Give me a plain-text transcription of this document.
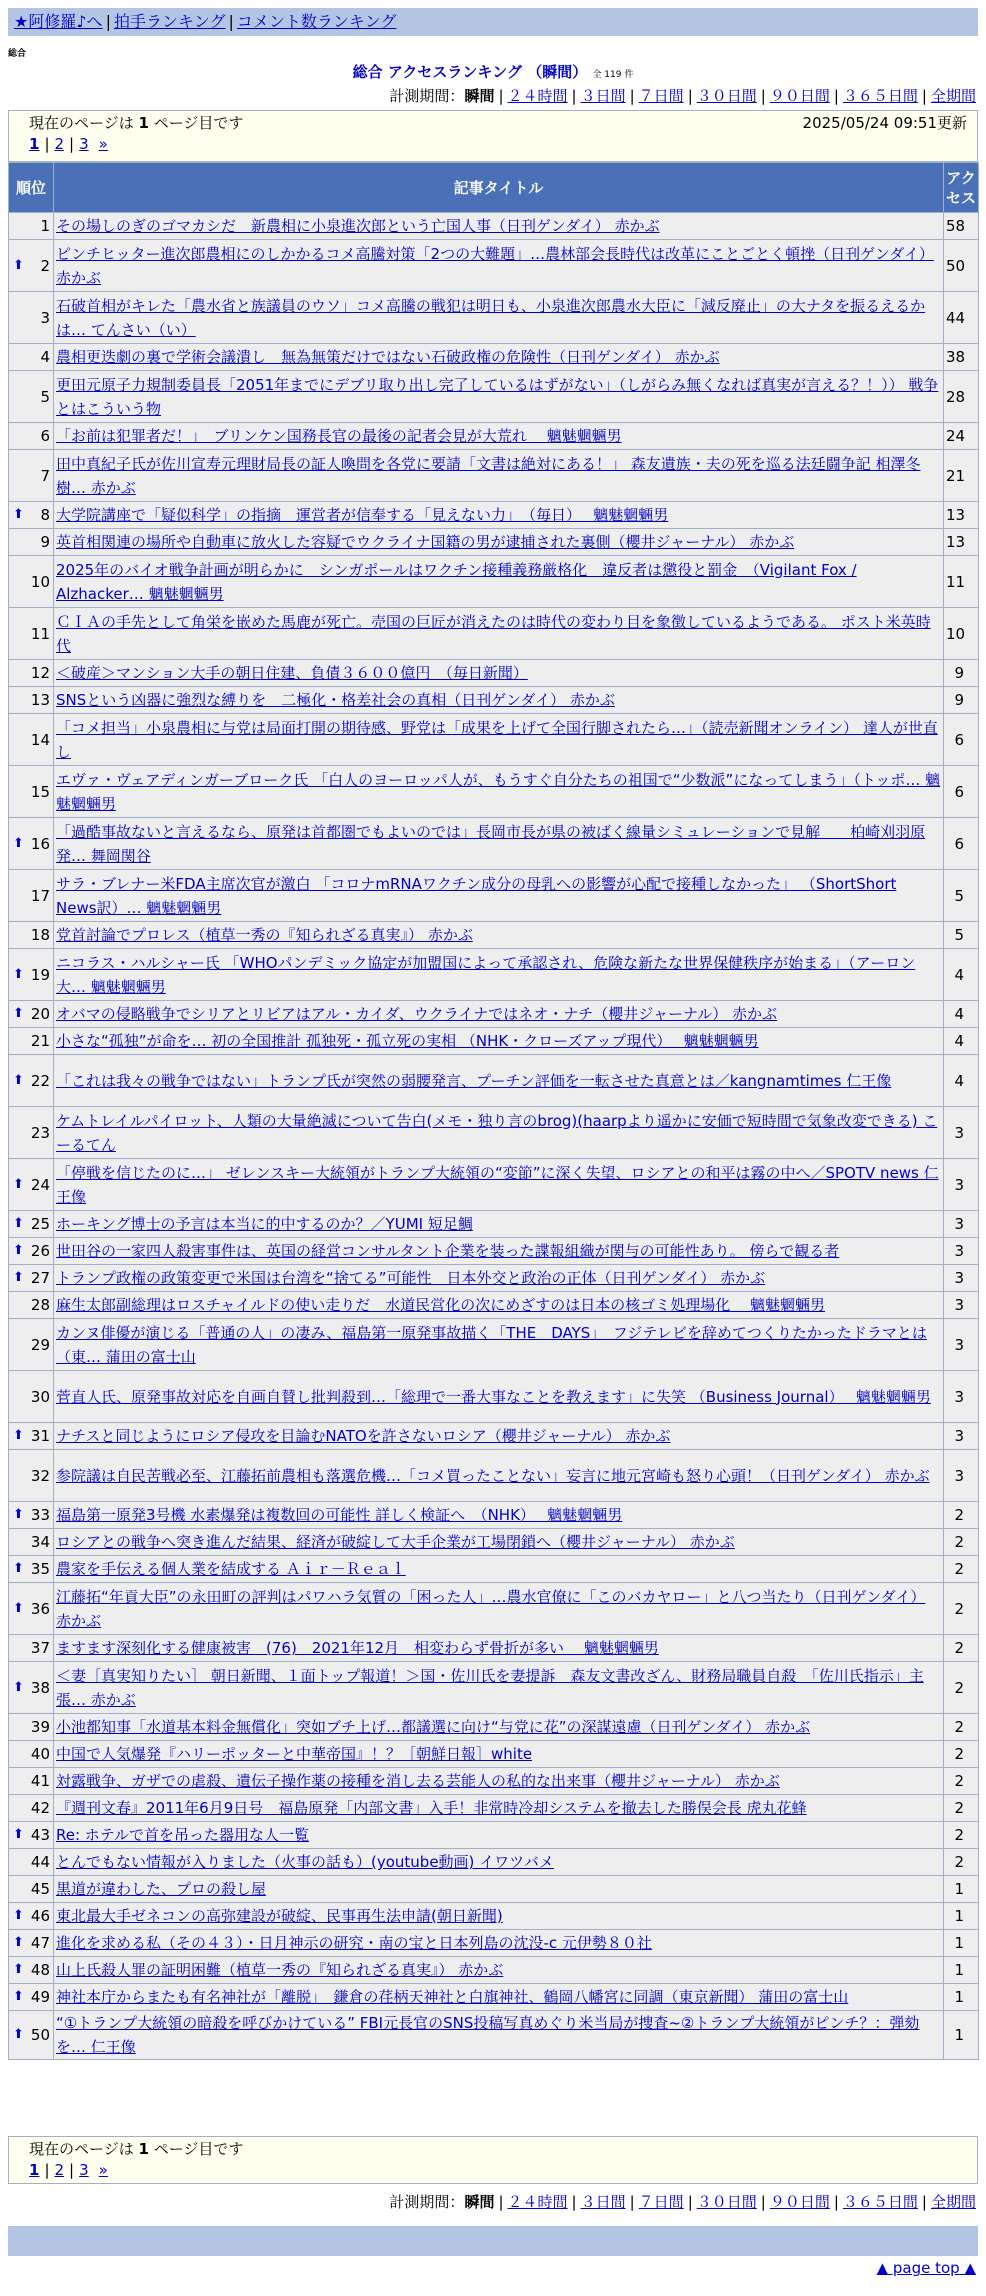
★阿修羅♪へ | 拍手ランキング | コメント数ランキング
総合
総合 アクセスランキング （瞬間） 全 119 件
計測期間：瞬間 | ２４時間 | ３日間 | ７日間 | ３０日間 | ９０日間 | ３６５日間 | 全期間
現在のページは 1 ページ目です	2025/05/24 09:51更新
1 | 2 | 3 »
順位	記事タイトル	アクセス
1	その場しのぎのゴマカシだ　新農相に小泉進次郎という亡国人事（日刊ゲンダイ） 赤かぶ	58

⬆ 2	ピンチヒッター進次郎農相にのしかかるコメ高騰対策「2つの大難題」…農林部会長時代は改革にことごとく頓挫（日刊ゲンダイ） 赤かぶ	50
3	石破首相がキレた「農水省と族議員のウソ」コメ高騰の戦犯は明日も、小泉進次郎農水大臣に「減反廃止」の大ナタを振るえるかは… てんさい（い）	44
4	農相更迭劇の裏で学術会議潰し　無為無策だけではない石破政権の危険性（日刊ゲンダイ） 赤かぶ	38
5	更田元原子力規制委員長「2051年までにデブリ取り出し完了しているはずがない」（しがらみ無くなれば真実が言える？！）） 戦争とはこういう物	28
6	「お前は犯罪者だ！」　ブリンケン国務長官の最後の記者会見が大荒れ　 魑魅魍魎男	24
7	田中真紀子氏が佐川宣寿元理財局長の証人喚問を各党に要請「文書は絶対にある！」 森友遺族・夫の死を巡る法廷闘争記 相澤冬樹… 赤かぶ	21

⬆ 8	大学院講座で「疑似科学」の指摘　運営者が信奉する「見えない力」　（毎日）　 魑魅魍魎男	13
9	英首相関連の場所や自動車に放火した容疑でウクライナ国籍の男が逮捕された裏側（櫻井ジャーナル） 赤かぶ	13
10	2025年のバイオ戦争計画が明らかに　シンガポールはワクチン接種義務厳格化　違反者は懲役と罰金　（Vigilant Fox / Alzhacker… 魑魅魍魎男	11
11	ＣＩＡの手先として角栄を嵌めた馬鹿が死亡。売国の巨匠が消えたのは時代の変わり目を象徴しているようである。 ポスト米英時代	10
12	＜破産＞マンション大手の朝日住建、負債３６００億円　（毎日新聞）	9
13	SNSという凶器に強烈な縛りを　二極化・格差社会の真相（日刊ゲンダイ） 赤かぶ	9
14	「コメ担当」小泉農相に与党は局面打開の期待感、野党は「成果を上げて全国行脚されたら…」（読売新聞オンライン） 達人が世直し	6
15	エヴァ・ヴェアディンガーブローク氏 「白人のヨーロッパ人が、もうすぐ自分たちの祖国で“少数派”になってしまう」（トッポ… 魑魅魍魎男	6

⬆ 16	「過酷事故ないと言えるなら、原発は首都圏でもよいのでは」長岡市長が県の被ばく線量シミュレーションで見解　　柏崎刈羽原発… 舞岡関谷	6
17	サラ・ブレナー米FDA主席次官が激白 「コロナmRNAワクチン成分の母乳への影響が心配で接種しなかった」 （ShortShort News訳）… 魑魅魍魎男	5
18	党首討論でプロレス（植草一秀の『知られざる真実』） 赤かぶ	5

⬆ 19	ニコラス・ハルシャー氏 「WHOパンデミック協定が加盟国によって承認され、危険な新たな世界保健秩序が始まる」（アーロン大… 魑魅魍魎男	4

⬆ 20	オバマの侵略戦争でシリアとリビアはアル・カイダ、ウクライナではネオ・ナチ（櫻井ジャーナル） 赤かぶ	4
21	小さな“孤独”が命を… 初の全国推計 孤独死・孤立死の実相 （NHK・クローズアップ現代）　 魑魅魍魎男	4

⬆ 22	「これは我々の戦争ではない」トランプ氏が突然の弱腰発言、プーチン評価を一転させた真意とは／kangnamtimes 仁王像	4
23	ケムトレイルパイロット、人類の大量絶滅について告白(メモ・独り言のbrog)(haarpより遥かに安価で短時間で気象改変できる) こーるてん	3

⬆ 24	「停戦を信じたのに…」 ゼレンスキー大統領がトランプ大統領の“変節”に深く失望、ロシアとの和平は霧の中へ／SPOTV news 仁王像	3

⬆ 25	ホーキング博士の予言は本当に的中するのか？／YUMI 短足鯛	3

⬆ 26	世田谷の一家四人殺害事件は、英国の経営コンサルタント企業を装った諜報組織が関与の可能性あり。 傍らで観る者	3

⬆ 27	トランプ政権の政策変更で米国は台湾を“捨てる”可能性　日本外交と政治の正体（日刊ゲンダイ） 赤かぶ	3
28	麻生太郎副総理はロスチャイルドの使い走りだ　水道民営化の次にめざすのは日本の核ゴミ処理場化　 魑魅魍魎男	3
29	カンヌ俳優が演じる「普通の人」の凄み、福島第一原発事故描く「THE　DAYS」　フジテレビを辞めてつくりたかったドラマとは（東… 蒲田の富士山	3
30	菅直人氏、原発事故対応を自画自賛し批判殺到…「総理で一番大事なことを教えます」に失笑 （Business Journal）　 魑魅魍魎男	3

⬆ 31	ナチスと同じようにロシア侵攻を目論むNATOを許さないロシア（櫻井ジャーナル） 赤かぶ	3
32	参院議は自民苦戦必至、江藤拓前農相も落選危機…「コメ買ったことない」妄言に地元宮崎も怒り心頭！（日刊ゲンダイ） 赤かぶ	3

⬆ 33	福島第一原発3号機 水素爆発は複数回の可能性 詳しく検証へ　（NHK）　 魑魅魍魎男	2
34	ロシアとの戦争へ突き進んだ結果、経済が破綻して大手企業が工場閉鎖へ（櫻井ジャーナル） 赤かぶ	2

⬆ 35	農家を手伝える個人業を結成する Ａｉｒ－Ｒｅａｌ	2

⬆ 36	江藤拓“年貢大臣”の永田町の評判はパワハラ気質の「困った人」…農水官僚に「このバカヤロー」と八つ当たり（日刊ゲンダイ） 赤かぶ	2
37	ますます深刻化する健康被害　(76)　2021年12月　相変わらず骨折が多い　 魑魅魍魎男	2

⬆ 38	＜妻［真実知りたい］ 朝日新聞、１面トップ報道！＞国・佐川氏を妻提訴　森友文書改ざん、財務局職員自殺　「佐川氏指示」主張… 赤かぶ	2
39	小池都知事「水道基本料金無償化」突如ブチ上げ…都議選に向け“与党に花”の深謀遠慮（日刊ゲンダイ） 赤かぶ	2
40	中国で人気爆発『ハリーポッターと中華帝国』！？［朝鮮日報］white	2
41	対露戦争、ガザでの虐殺、遺伝子操作薬の接種を消し去る芸能人の私的な出来事（櫻井ジャーナル） 赤かぶ	2
42	『週刊文春』2011年6月9日号　福島原発「内部文書」入手！非常時冷却システムを撤去した勝俣会長 虎丸花蜂	2

⬆ 43	Re: ホテルで首を吊った器用な人一覧	2
44	とんでもない情報が入りました（火事の話も）(youtube動画) イワツバメ	2
45	黒道が違わした、プロの殺し屋	1

⬆ 46	東北最大手ゼネコンの高弥建設が破綻、民事再生法申請(朝日新聞)	1

⬆ 47	進化を求める私（その４３）・日月神示の研究・南の宝と日本列島の沈没-c 元伊勢８０社	1

⬆ 48	山上氏殺人罪の証明困難（植草一秀の『知られざる真実』） 赤かぶ	1

⬆ 49	神社本庁からまたも有名神社が「離脱」　鎌倉の荏柄天神社と白旗神社、鶴岡八幡宮に同調（東京新聞） 蒲田の富士山	1

⬆ 50	“①トランプ大統領の暗殺を呼びかけている” FBI元長官のSNS投稿写真めぐり米当局が捜査~②トランプ大統領がピンチ？：弾劾を… 仁王像	1
現在のページは 1 ページ目です
1 | 2 | 3 »
計測期間：瞬間 | ２４時間 | ３日間 | ７日間 | ３０日間 | ９０日間 | ３６５日間 | 全期間
▲ page top ▲
